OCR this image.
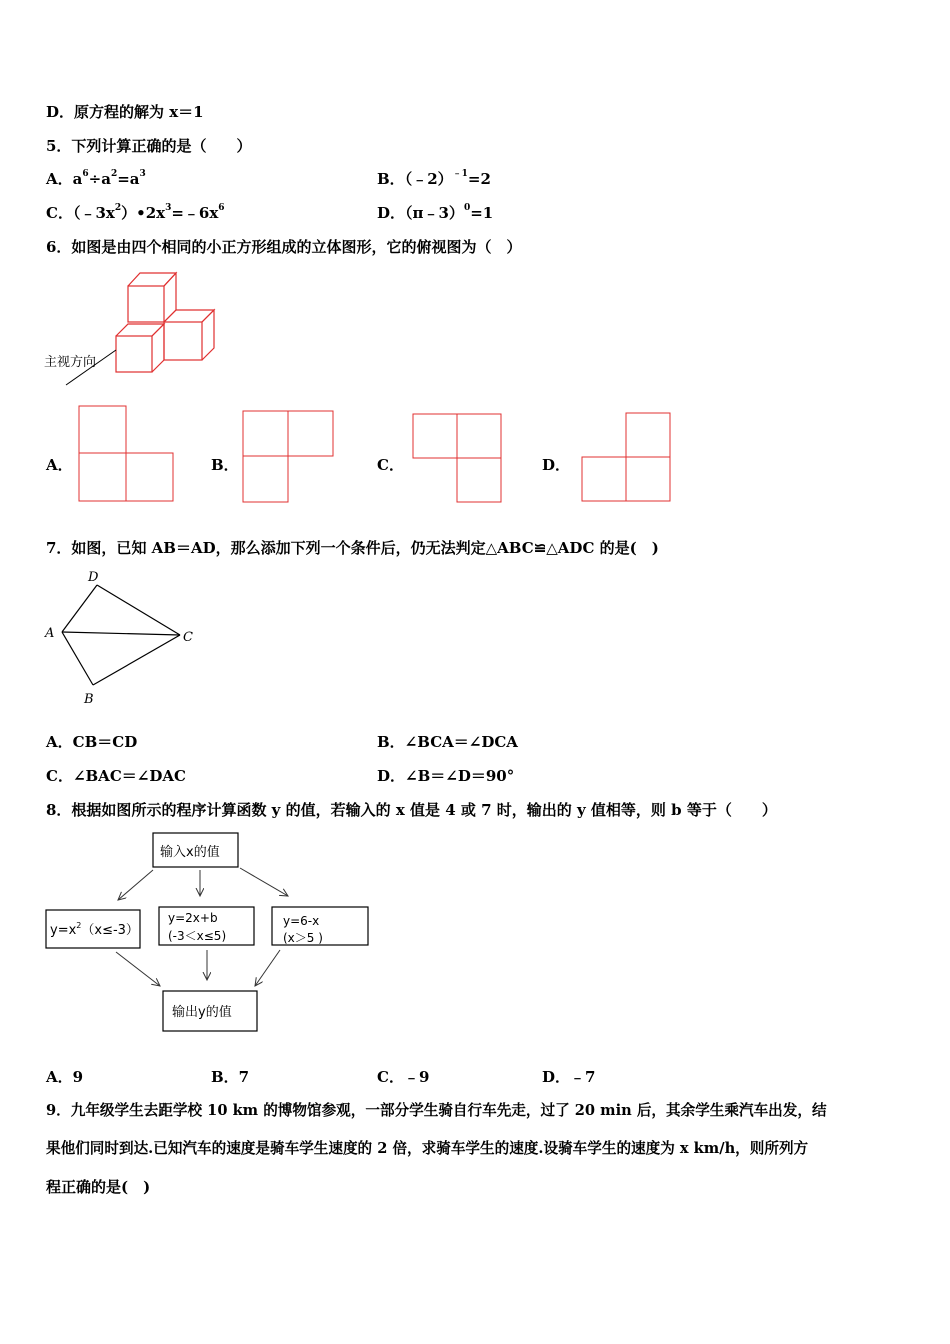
D．原方程的解为 x＝1
5．下列计算正确的是（　　）
A．$a^6\div a^2=a^3$	B．（﹣2）$^{﹣1}$=2
C．$(﹣3x^2)•2x^3=﹣6x^6$	D．（π﹣3）$^0$=1
6．如图是由四个相同的小正方形组成的立体图形，它的俯视图为（　）
主视方向
A．	B．	C．	D．
7．如图，已知 AB＝AD，那么添加下列一个条件后，仍无法判定△ABC≌△ADC 的是(　)
D
A	C
B
A．CB＝CD	B．∠BCA＝∠DCA
C．∠BAC＝∠DAC	D．∠B＝∠D＝90°
8．根据如图所示的程序计算函数 y 的值，若输入的 x 值是 4 或 7 时，输出的 y 值相等，则 b 等于（　　）
输入x的值
$y=x^2(x\le-3)$
y=2x+b
(-3＜x≤5)
y=6-x
(x＞5 )
输出y的值
A．9	B．7	C．﹣9	D．﹣7
9．九年级学生去距学校 10 km 的博物馆参观，一部分学生骑自行车先走，过了 20 min 后，其余学生乘汽车出发，结
果他们同时到达.已知汽车的速度是骑车学生速度的 2 倍，求骑车学生的速度.设骑车学生的速度为 x km/h，则所列方
程正确的是(　)
